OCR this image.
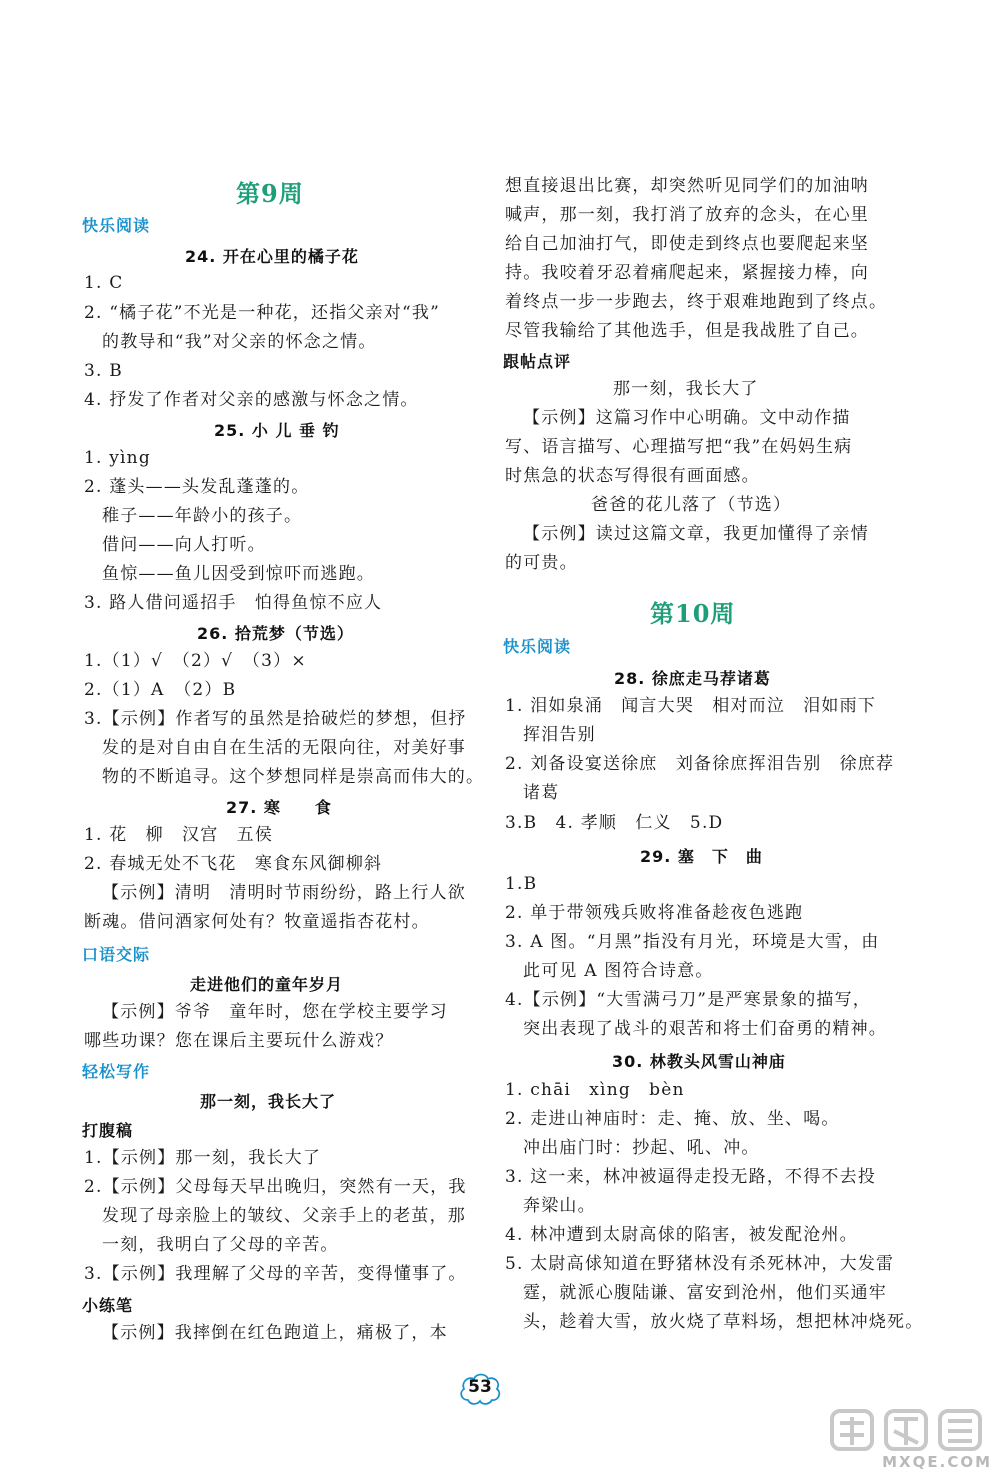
第9周
快乐阅读
24. 开在心里的橘子花
1. C
2. “橘子花”不光是一种花，还指父亲对“我”
的教导和“我”对父亲的怀念之情。
3. B
4. 抒发了作者对父亲的感激与怀念之情。
25. 小 儿 垂 钓
1. yìng
2. 蓬头——头发乱蓬蓬的。
稚子——年龄小的孩子。
借问——向人打听。
鱼惊——鱼儿因受到惊吓而逃跑。
3. 路人借问遥招手　怕得鱼惊不应人
26. 拾荒梦（节选）
1.（1）√　（2）√　（3）×
2.（1）A　（2）B
3.【示例】作者写的虽然是拾破烂的梦想，但抒
发的是对自由自在生活的无限向往，对美好事
物的不断追寻。这个梦想同样是崇高而伟大的。
27. 寒　　食
1. 花　柳　汉宫　五侯
2. 春城无处不飞花　寒食东风御柳斜
【示例】清明　清明时节雨纷纷，路上行人欲
断魂。借问酒家何处有？牧童遥指杏花村。
口语交际
走进他们的童年岁月
【示例】爷爷　童年时，您在学校主要学习
哪些功课？您在课后主要玩什么游戏？
轻松写作
那一刻，我长大了
打腹稿
1.【示例】那一刻，我长大了
2.【示例】父母每天早出晚归，突然有一天，我
发现了母亲脸上的皱纹、父亲手上的老茧，那
一刻，我明白了父母的辛苦。
3.【示例】我理解了父母的辛苦，变得懂事了。
小练笔
【示例】我摔倒在红色跑道上，痛极了，本
想直接退出比赛，却突然听见同学们的加油呐
喊声，那一刻，我打消了放弃的念头，在心里
给自己加油打气，即使走到终点也要爬起来坚
持。我咬着牙忍着痛爬起来，紧握接力棒，向
着终点一步一步跑去，终于艰难地跑到了终点。
尽管我输给了其他选手，但是我战胜了自己。
跟帖点评
那一刻，我长大了
【示例】这篇习作中心明确。文中动作描
写、语言描写、心理描写把“我”在妈妈生病
时焦急的状态写得很有画面感。
爸爸的花儿落了（节选）
【示例】读过这篇文章，我更加懂得了亲情
的可贵。
第10周
快乐阅读
28. 徐庶走马荐诸葛
1. 泪如泉涌　闻言大哭　相对而泣　泪如雨下
挥泪告别
2. 刘备设宴送徐庶　刘备徐庶挥泪告别　徐庶荐
诸葛
3.B　4. 孝顺　仁义　5.D
29. 塞　下　曲
1.B
2. 单于带领残兵败将准备趁夜色逃跑
3. A 图。“月黑”指没有月光，环境是大雪，由
此可见 A 图符合诗意。
4.【示例】“大雪满弓刀”是严寒景象的描写，
突出表现了战斗的艰苦和将士们奋勇的精神。
30. 林教头风雪山神庙
1. chāi　xìng　bèn
2. 走进山神庙时：走、掩、放、坐、喝。
冲出庙门时：抄起、吼、冲。
3. 这一来，林冲被逼得走投无路，不得不去投
奔梁山。
4. 林冲遭到太尉高俅的陷害，被发配沧州。
5. 太尉高俅知道在野猪林没有杀死林冲，大发雷
霆，就派心腹陆谦、富安到沧州，他们买通牢
头，趁着大雪，放火烧了草料场，想把林冲烧死。
53
MXQE.COM
